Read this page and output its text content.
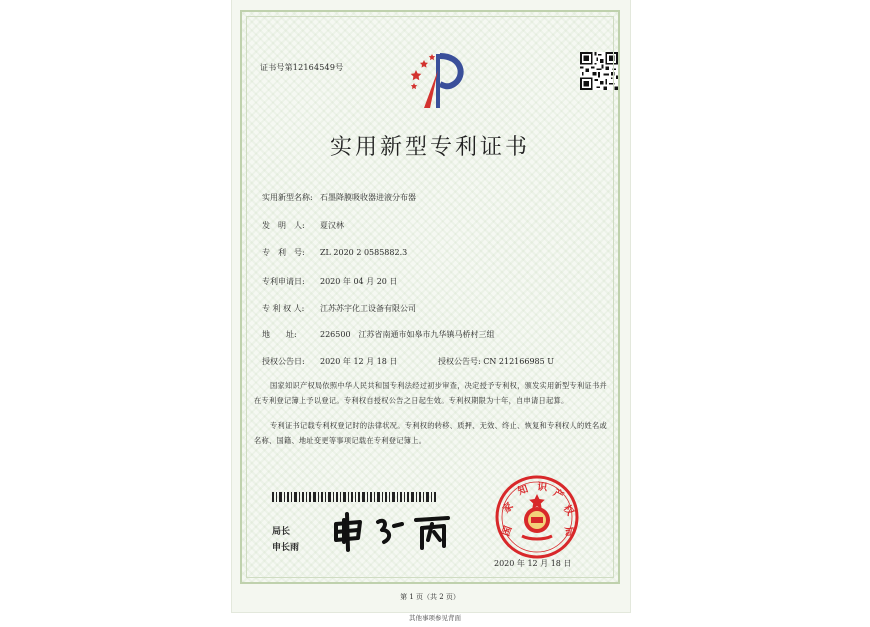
证书号第12164549号
实用新型专利证书
实用新型名称: 石墨降膜吸收器进液分布器
发　明　人: 夏汉林
专　利　号: ZL 2020 2 0585882.3
专利申请日: 2020 年 04 月 20 日
专 利 权 人: 江苏苏宇化工设备有限公司
地　　址:	226500　江苏省南通市如皋市九华镇马桥村三组
授权公告日: 2020 年 12 月 18 日	授权公告号: CN 212166985 U
国家知识产权局依照中华人民共和国专利法经过初步审查，决定授予专利权，颁发实用新型专利证书并在专利登记簿上予以登记。专利权自授权公告之日起生效。专利权期限为十年，自申请日起算。
专利证书记载专利权登记时的法律状况。专利权的转移、质押、无效、终止、恢复和专利权人的姓名或名称、国籍、地址变更等事项记载在专利登记簿上。
局长
申长雨
国
家
知 识
产
权
局
2020 年 12 月 18 日
第 1 页（共 2 页）
其他事项参见背面
